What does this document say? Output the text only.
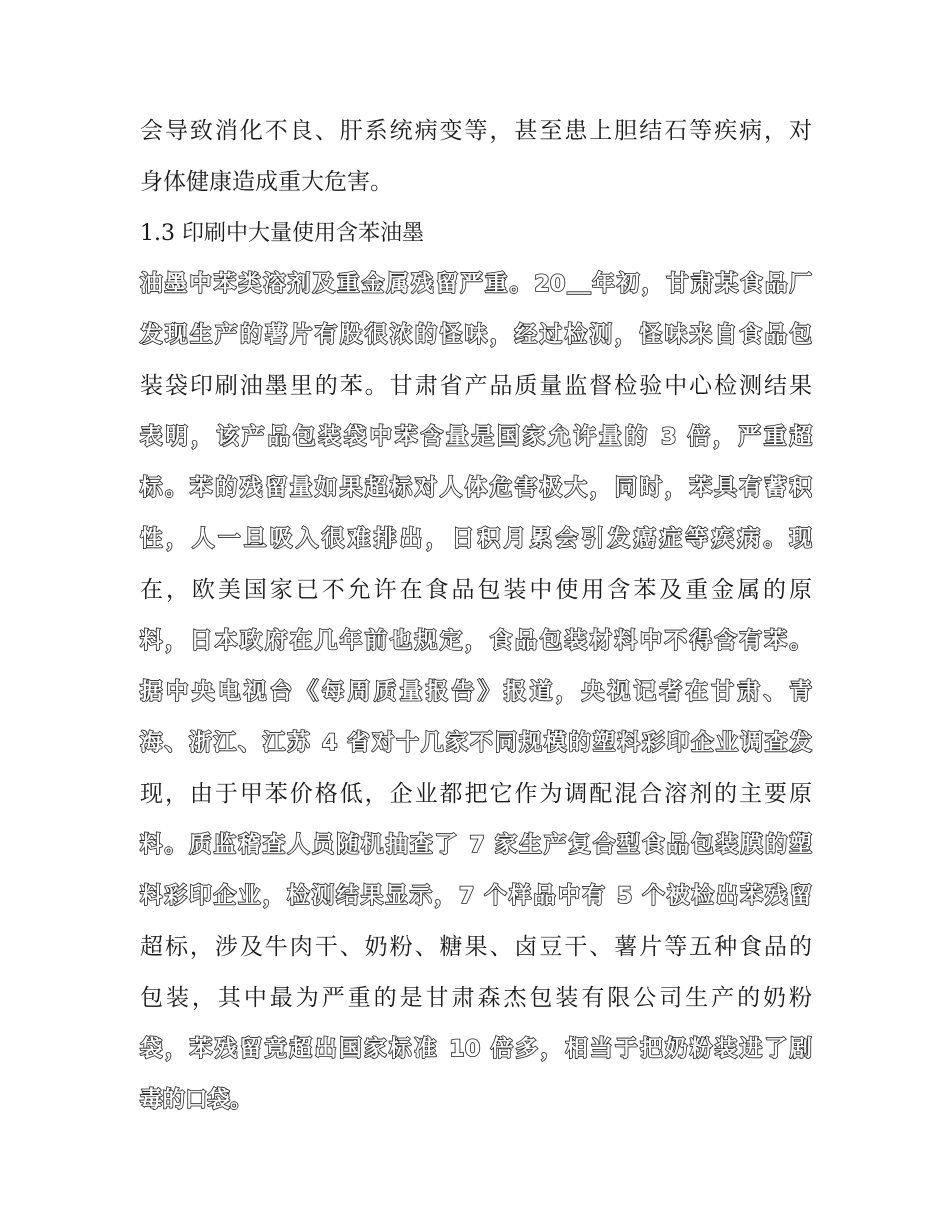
会导致消化不良、肝系统病变等，甚至患上胆结石等疾病，对
身体健康造成重大危害。
1.3 印刷中大量使用含苯油墨
油墨中苯类溶剂及重金属残留严重。20＿年初，甘肃某食品厂
发现生产的薯片有股很浓的怪味，经过检测，怪味来自食品包
装袋印刷油墨里的苯。甘肃省产品质量监督检验中心检测结果
表明，该产品包装袋中苯含量是国家允许量的 3 倍，严重超
标。苯的残留量如果超标对人体危害极大，同时，苯具有蓄积
性，人一旦吸入很难排出，日积月累会引发癌症等疾病。现
在，欧美国家已不允许在食品包装中使用含苯及重金属的原
料，日本政府在几年前也规定，食品包装材料中不得含有苯。
据中央电视台《每周质量报告》报道，央视记者在甘肃、青
海、浙江、江苏 4 省对十几家不同规模的塑料彩印企业调查发
现，由于甲苯价格低，企业都把它作为调配混合溶剂的主要原
料。质监稽查人员随机抽查了 7 家生产复合型食品包装膜的塑
料彩印企业，检测结果显示，7 个样品中有 5 个被检出苯残留
超标，涉及牛肉干、奶粉、糖果、卤豆干、薯片等五种食品的
包装，其中最为严重的是甘肃森杰包装有限公司生产的奶粉
袋，苯残留竟超出国家标准 10 倍多，相当于把奶粉装进了剧
毒的口袋。
